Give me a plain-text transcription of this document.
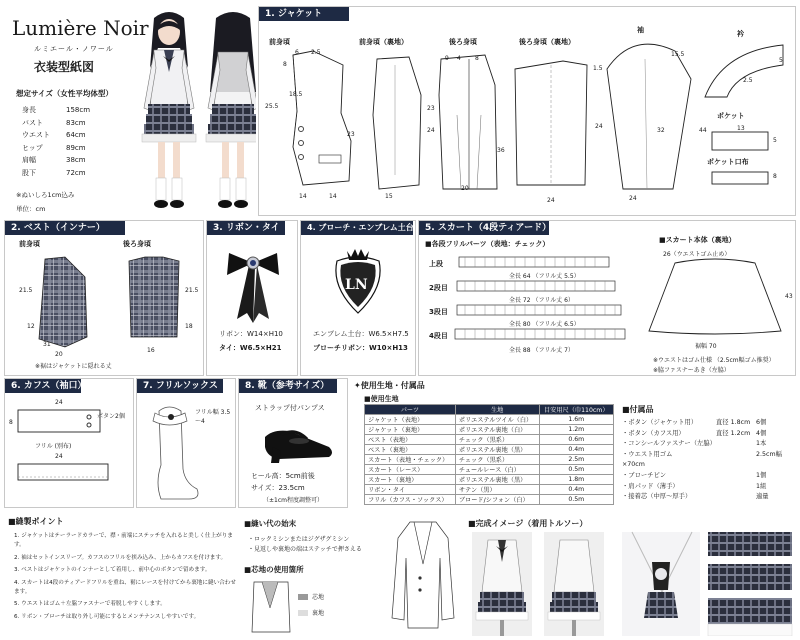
Lumière Noir
ルミエール・ノワール
衣装型紙図
想定サイズ（女性平均体型）
身長	158cm
バスト	83cm
ウエスト 64cm
ヒップ	89cm
肩幅	38cm
股下	72cm
※ぬいしろ1cm込み
単位：cm
1. ジャケット
前身頃	前身頃（裏地）	後ろ身頃	後ろ身頃（裏地）
袖	衿
ポケット
ポケット口布
6
8
2.5
25.5
18.5
14	14
23
15
24
9 4 8
23
36
20
24
24
1.5
15.5
32	44
24
5
2.5
13
5
8
2. ベスト（インナー）
前身頃	後ろ身頃
21.5
12
20
31
21.5
18
16
※裾はジャケットに隠れる丈
3. リボン・タイ
リボン：W14×H10
タイ：W6.5×H21
4. ブローチ・エンブレム土台
LN
エンブレム土台：W6.5×H7.5
ブローチリボン：W10×H13
5. スカート（4段ティアード）
■各段フリルパーツ（表地：チェック）
上段
2段目
3段目
4段目
全長 64 （フリル丈 5.5）
全長 72 （フリル丈 6）
全長 80 （フリル丈 6.5）
全長 88 （フリル丈 7）
■スカート本体（裏地）
26（ウエストゴム止め）
43
裾幅 70
※ウエストはゴム仕様 （2.5cm幅ゴム推奨）
※脇ファスナーあき（左脇）
6. カフス（袖口）
24
8
ボタン2個
フリル (別布)
24
7. フリルソックス
フリル幅 3.5～4
8. 靴（参考サイズ）
ストラップ付パンプス
ヒール高：5cm前後
サイズ：23.5cm
（±1cm程度調整可）
✦使用生地・付属品
■使用生地
パーツ	生地	目安用尺（巾110cm）
ジャケット（表地）	ポリエステルツイル（白）	1.6m
ジャケット（裏地）	ポリエステル裏地（白）	1.2m
ベスト（表地）	チェック（黒系）	0.6m
ベスト（裏地）	ポリエステル裏地（黒）	0.4m
スカート（表地・チェック）	チェック（黒系）	2.5m
スカート（レース）	チュールレース（白）	0.5m
スカート（裏地）	ポリエステル裏地（黒）	1.8m
リボン・タイ	サテン（黒）	0.4m
フリル（カフス・ソックス）	ブロード/シフォン（白）	0.5m
■付属品
・ボタン（ジャケット用）	直径 1.8cm 6個
・ボタン（カフス用）	直径 1.2cm 4個
・コンシールファスナー（左脇）	1本
・ウエスト用ゴム	2.5cm幅×70cm
・ブローチピン	1個
・肩パッド（薄手）	1組
・接着芯（中厚～厚手）	適量
■縫製ポイント
1. ジャケットはテーラードカラーで、襟・前端にステッチを入れると美しく仕上がります。
2. 袖はセットインスリーブ。カフスのフリルを挟み込み、上からカフスを付けます。
3. ベストはジャケットのインナーとして着用し、前中心のボタンで留めます。
4. スカートは4段のティアードフリルを重ね、裾にレースを付けてから裏地に縫い合わせます。
5. ウエストはゴム＋左脇ファスナーで着脱しやすくします。
6. リボン・ブローチは取り外し可能にするとメンテナンスしやすいです。
■縫い代の始末
・ロックミシンまたはジグザグミシン
・見返しや裏地の端はステッチで押さえる
■芯地の使用箇所
芯地
裏地
■完成イメージ（着用トルソー）
